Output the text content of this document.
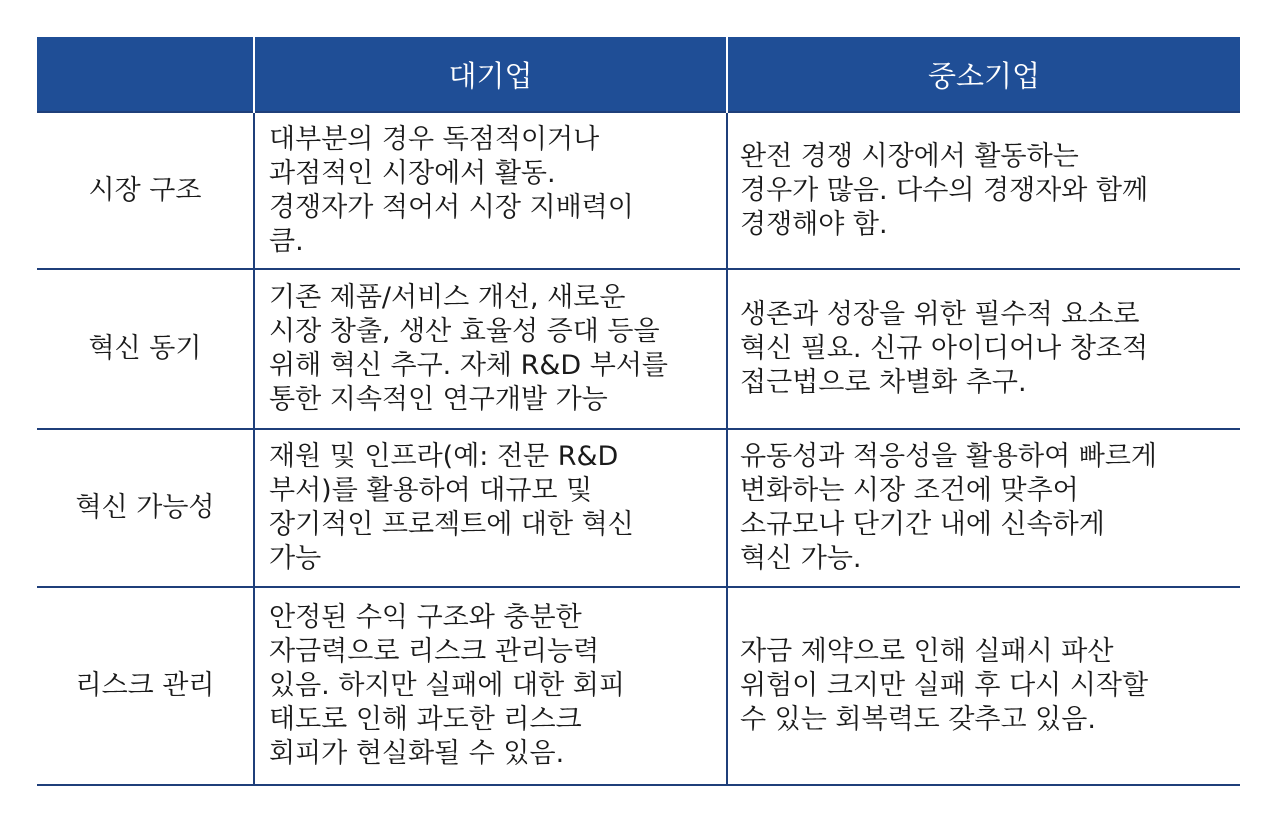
	대기업	중소기업
시장 구조	대부분의 경우 독점적이거나
과점적인 시장에서 활동.
경쟁자가 적어서 시장 지배력이
큼.	완전 경쟁 시장에서 활동하는
경우가 많음. 다수의 경쟁자와 함께
경쟁해야 함.
혁신 동기	기존 제품/서비스 개선, 새로운
시장 창출, 생산 효율성 증대 등을
위해 혁신 추구. 자체 R&D 부서를
통한 지속적인 연구개발 가능	생존과 성장을 위한 필수적 요소로
혁신 필요. 신규 아이디어나 창조적
접근법으로 차별화 추구.
혁신 가능성	재원 및 인프라(예: 전문 R&D
부서)를 활용하여 대규모 및
장기적인 프로젝트에 대한 혁신
가능	유동성과 적응성을 활용하여 빠르게
변화하는 시장 조건에 맞추어
소규모나 단기간 내에 신속하게
혁신 가능.
리스크 관리	안정된 수익 구조와 충분한
자금력으로 리스크 관리능력
있음. 하지만 실패에 대한 회피
태도로 인해 과도한 리스크
회피가 현실화될 수 있음.	자금 제약으로 인해 실패시 파산
위험이 크지만 실패 후 다시 시작할
수 있는 회복력도 갖추고 있음.
